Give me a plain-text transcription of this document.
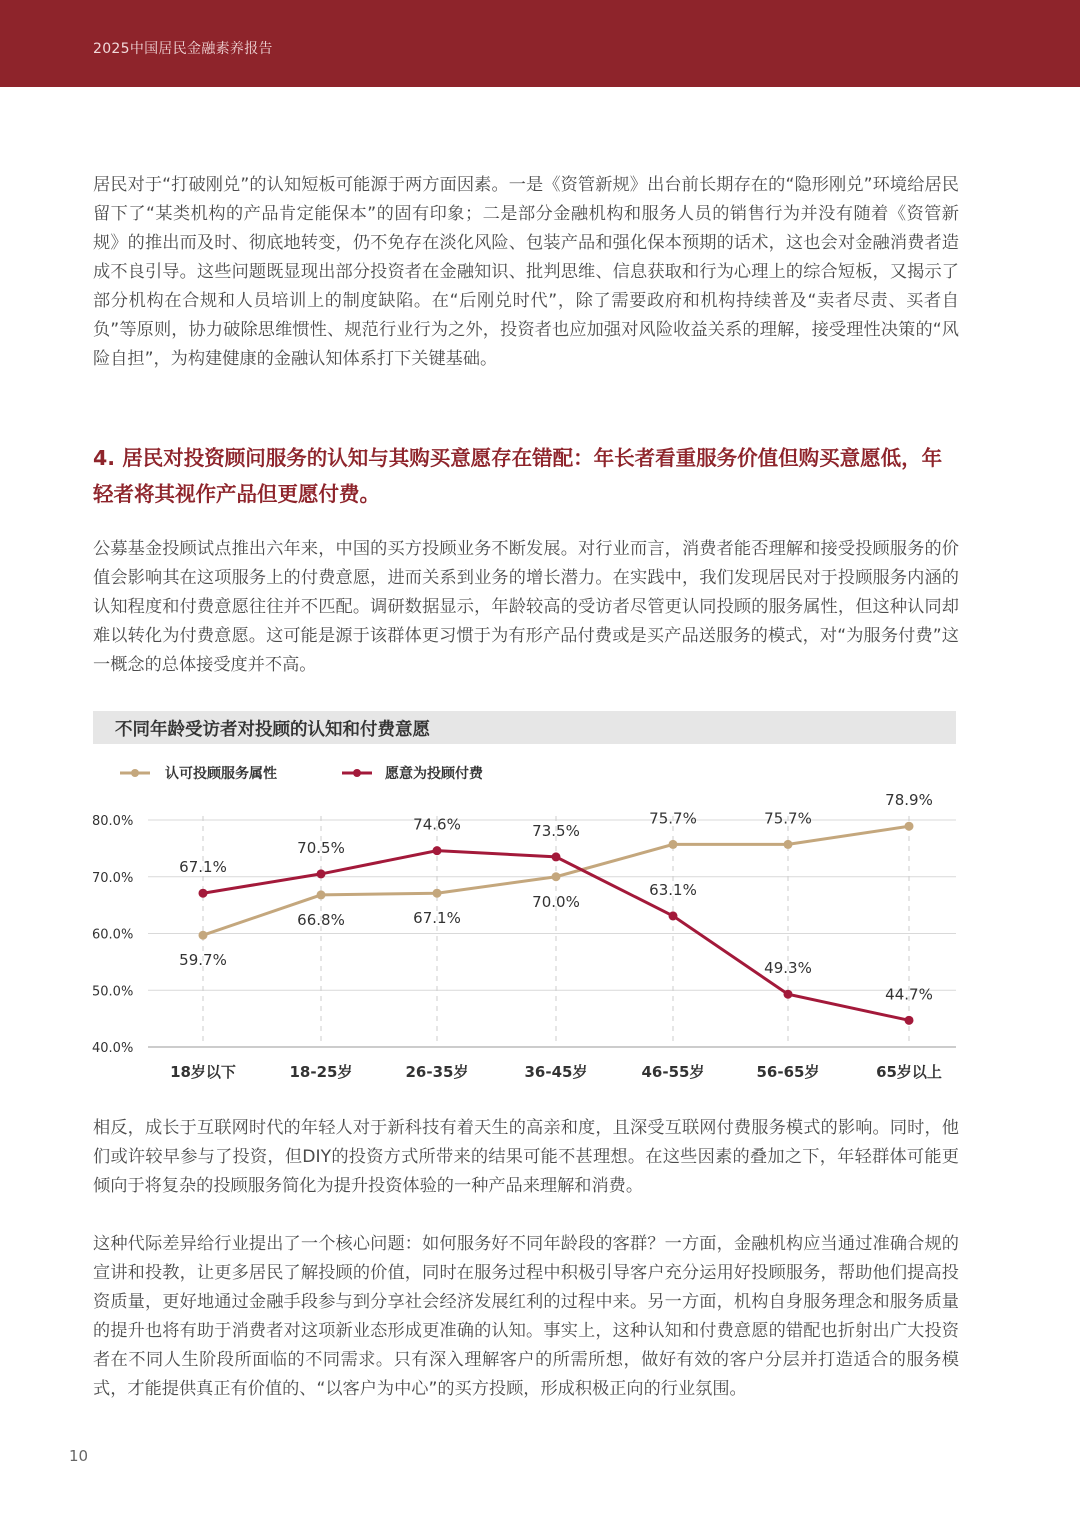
2025中国居民金融素养报告

居民对于“打破刚兑”的认知短板可能源于两方面因素。一是《资管新规》出台前长期存在的“隐形刚兑”环境给居民留下了“某类机构的产品肯定能保本”的固有印象；二是部分金融机构和服务人员的销售行为并没有随着《资管新规》的推出而及时、彻底地转变，仍不免存在淡化风险、包装产品和强化保本预期的话术，这也会对金融消费者造成不良引导。这些问题既显现出部分投资者在金融知识、批判思维、信息获取和行为心理上的综合短板，又揭示了部分机构在合规和人员培训上的制度缺陷。在“后刚兑时代”，除了需要政府和机构持续普及“卖者尽责、买者自负”等原则，协力破除思维惯性、规范行业行为之外，投资者也应加强对风险收益关系的理解，接受理性决策的“风险自担”，为构建健康的金融认知体系打下关键基础。

4. 居民对投资顾问服务的认知与其购买意愿存在错配：年长者看重服务价值但购买意愿低，年轻者将其视作产品但更愿付费。

公募基金投顾试点推出六年来，中国的买方投顾业务不断发展。对行业而言，消费者能否理解和接受投顾服务的价值会影响其在这项服务上的付费意愿，进而关系到业务的增长潜力。在实践中，我们发现居民对于投顾服务内涵的认知程度和付费意愿往往并不匹配。调研数据显示，年龄较高的受访者尽管更认同投顾的服务属性，但这种认同却难以转化为付费意愿。这可能是源于该群体更习惯于为有形产品付费或是买产品送服务的模式，对“为服务付费”这一概念的总体接受度并不高。

不同年龄受访者对投顾的认知和付费意愿
认可投顾服务属性	愿意为投顾付费
80.0%
70.0%
60.0%
50.0%
40.0%
18岁以下	18-25岁	26-35岁	36-45岁	46-55岁	56-65岁	65岁以上
59.7%
66.8%	67.1%
70.0%
75.7%	75.7%
78.9%
67.1%
70.5%
74.6%	73.5%
63.1%
49.3%
44.7%

相反，成长于互联网时代的年轻人对于新科技有着天生的高亲和度，且深受互联网付费服务模式的影响。同时，他们或许较早参与了投资，但DIY的投资方式所带来的结果可能不甚理想。在这些因素的叠加之下，年轻群体可能更倾向于将复杂的投顾服务简化为提升投资体验的一种产品来理解和消费。

这种代际差异给行业提出了一个核心问题：如何服务好不同年龄段的客群？一方面，金融机构应当通过准确合规的宣讲和投教，让更多居民了解投顾的价值，同时在服务过程中积极引导客户充分运用好投顾服务，帮助他们提高投资质量，更好地通过金融手段参与到分享社会经济发展红利的过程中来。另一方面，机构自身服务理念和服务质量的提升也将有助于消费者对这项新业态形成更准确的认知。事实上，这种认知和付费意愿的错配也折射出广大投资者在不同人生阶段所面临的不同需求。只有深入理解客户的所需所想，做好有效的客户分层并打造适合的服务模式，才能提供真正有价值的、“以客户为中心”的买方投顾，形成积极正向的行业氛围。

10
